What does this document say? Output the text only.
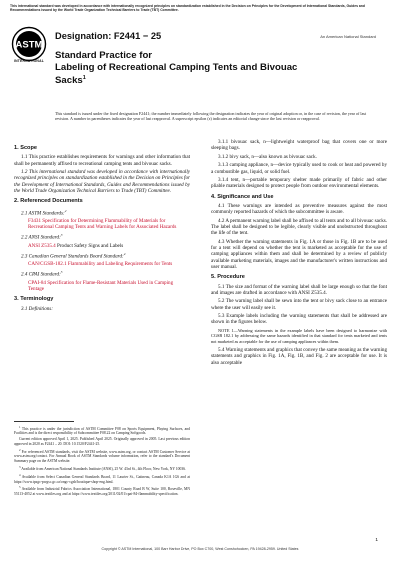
This international standard was developed in accordance with internationally recognized principles on standardization established in the Decision on Principles for the Development of International Standards, Guides and Recommendations issued by the World Trade Organization Technical Barriers to Trade (TBT) Committee.
ASTM
INTERNATIONAL
Designation: F2441 − 25	An American National Standard
Standard Practice for
Labeling of Recreational Camping Tents and Bivouac
Sacks$^1$
This standard is issued under the fixed designation F2441; the number immediately following the designation indicates the year of original adoption or, in the case of revision, the year of last revision. A number in parentheses indicates the year of last reapproval. A superscript epsilon (ε) indicates an editorial change since the last revision or reapproval.
1. Scope
1.1 This practice establishes requirements for warnings and other information that shall be permanently affixed to recreational camping tents and bivouac sacks.
1.2 This international standard was developed in accordance with internationally recognized principles on standardization established in the Decision on Principles for the Development of International Standards, Guides and Recommendations issued by the World Trade Organization Technical Barriers to Trade (TBT) Committee.
2. Referenced Documents
2.1 ASTM Standards:$^2$
F3431 Specification for Determining Flammability of Materials for Recreational Camping Tents and Warning Labels for Associated Hazards
2.2 ANSI Standard:$^3$
ANSI Z535.4 Product Safety Signs and Labels
2.3 Canadian General Standards Board Standard:$^4$
CAN/CGSB-182.1 Flammability and Labeling Requirements for Tents
2.4 CPAI Standard:$^5$
CPAI-84 Specification for Flame-Resistant Materials Used in Camping Tentage
3. Terminology
3.1 Definitions:

$^1$ This practice is under the jurisdiction of ASTM Committee F08 on Sports Equipment, Playing Surfaces, and Facilities and is the direct responsibility of Subcommittee F08.22 on Camping Softgoods.

Current edition approved April 1, 2025. Published April 2025. Originally approved in 2005. Last previous edition approved in 2020 as F2441 – 20. DOI: 10.1520/F2441-25.

$^2$ For referenced ASTM standards, visit the ASTM website, www.astm.org, or contact ASTM Customer Service at www.astm.org/contact. For Annual Book of ASTM Standards volume information, refer to the standard's Document Summary page on the ASTM website.

$^3$ Available from American National Standards Institute (ANSI), 25 W. 43rd St., 4th Floor, New York, NY 10036.

$^4$ Available from Select Canadian General Standards Board, 11 Laurier St., Gatineau, Canada K1A 1G6 and at https://www.tpsgc-pwgsc.gc.ca/ongc-cgsb/boutique-shop-eng.html.

$^5$ Available from Industrial Fabrics Association International, 1801 County Road B W, Suite 100, Roseville, MN 55113-4052 at www.textiles.org and at https://www.textiles.org/2011/02/01/cpai-84-flammability-specification.

3.1.1 bivouac sack, n—lightweight waterproof bag that covers one or more sleeping bags.
3.1.2 bivy sack, n—also known as bivouac sack.
3.1.3 camping appliance, n—device typically used to cook or heat and powered by a combustible gas, liquid, or solid fuel.
3.1.4 tent, n—portable temporary shelter made primarily of fabric and other pliable materials designed to protect people from outdoor environmental elements.
4. Significance and Use
4.1 These warnings are intended as preventive measures against the most commonly reported hazards of which the subcommittee is aware.
4.2 A permanent warning label shall be affixed to all tents and to all bivouac sacks. The label shall be designed to be legible, clearly visible and unobstructed throughout the life of the tent.
4.3 Whether the warning statements in Fig. 1A or those in Fig. 1B are to be used for a tent will depend on whether the tent is marketed as acceptable for the use of camping appliances within them and shall be determined by a review of publicly available marketing materials, images and the manufacturer's written instructions and user manual.
5. Procedure
5.1 The size and format of the warning label shall be large enough so that the font and images are drafted in accordance with ANSI Z535.4.
5.2 The warning label shall be sewn into the tent or bivy sack close to an entrance where the user will easily see it.
5.3 Example labels including the warning statements that shall be addressed are shown in the figures below.
NOTE 1—Warning statements in the example labels have been designed to harmonize with CGSB 182.1 by addressing the same hazards identified in that standard for tents marketed and tents not marketed as acceptable for the use of camping appliances within them.
5.4 Warning statements and graphics that convey the same meaning as the warning statements and graphics in Fig. 1A, Fig. 1B, and Fig. 2 are acceptable for use. It is also acceptable
1
Copyright © ASTM International, 100 Barr Harbor Drive, PO Box C700, West Conshohocken, PA 19428-2959. United States
